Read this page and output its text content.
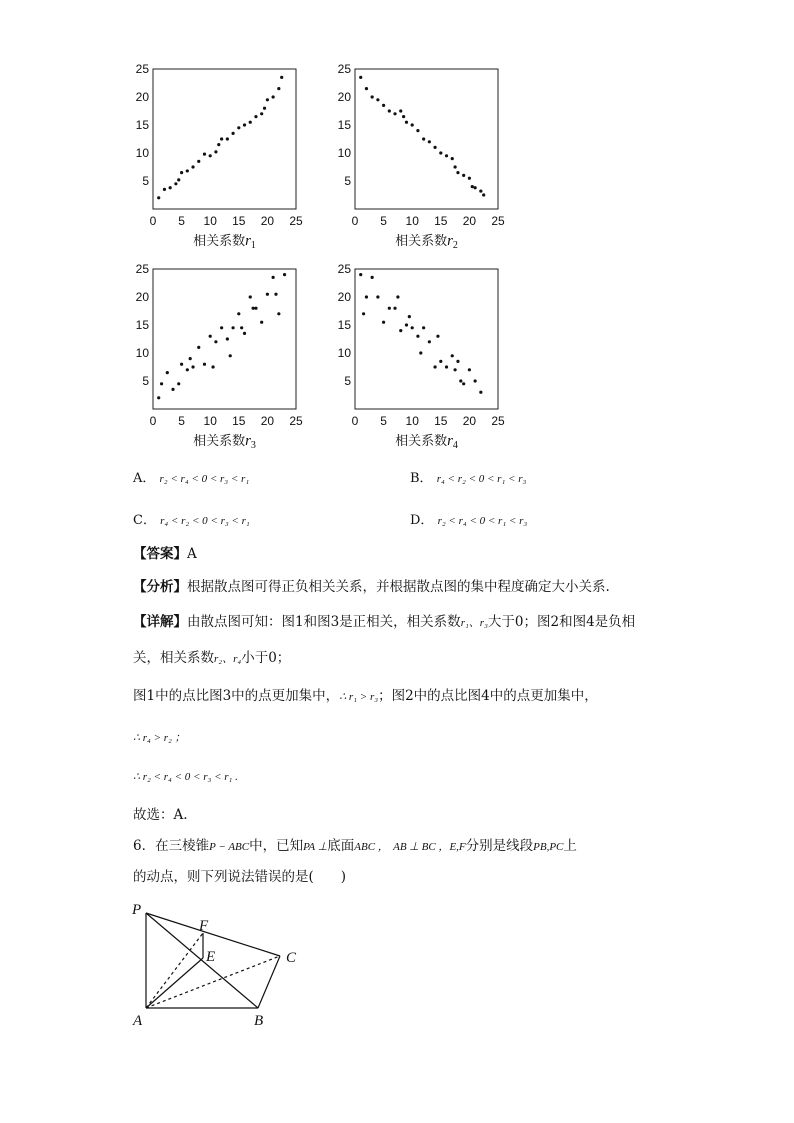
0 5 10 15 20 25
5
10
15
20
25
相关系数$r_1$
0 5 10 15 20 25
5
10
15
20
25
相关系数$r_2$
0 5 10 15 20 25
5
10
15
20
25
相关系数$r_3$
0 5 10 15 20 25
5
10
15
20
25
相关系数$r_4$
A． r₂ < r₄ < 0 < r₃ < r₁	B． r₄ < r₂ < 0 < r₁ < r₃
C． r₄ < r₂ < 0 < r₃ < r₁	D． r₂ < r₄ < 0 < r₁ < r₃
【答案】A
【分析】根据散点图可得正负相关关系，并根据散点图的集中程度确定大小关系.
【详解】由散点图可知：图1和图3是正相关，相关系数r₁、r₃大于0；图2和图4是负相
关，相关系数r₂、r₄小于0；
图1中的点比图3中的点更加集中，∴ r₁ > r₃；图2中的点比图4中的点更加集中，
∴ r₄ > r₂ ；
∴ r₂ < r₄ < 0 < r₃ < r₁ .
故选：A.
6．在三棱锥P − ABC中，已知PA ⊥底面ABC ， AB ⊥ BC ，E,F分别是线段PB,PC上
的动点，则下列说法错误的是(　　)
P
F
E	C
A	B
